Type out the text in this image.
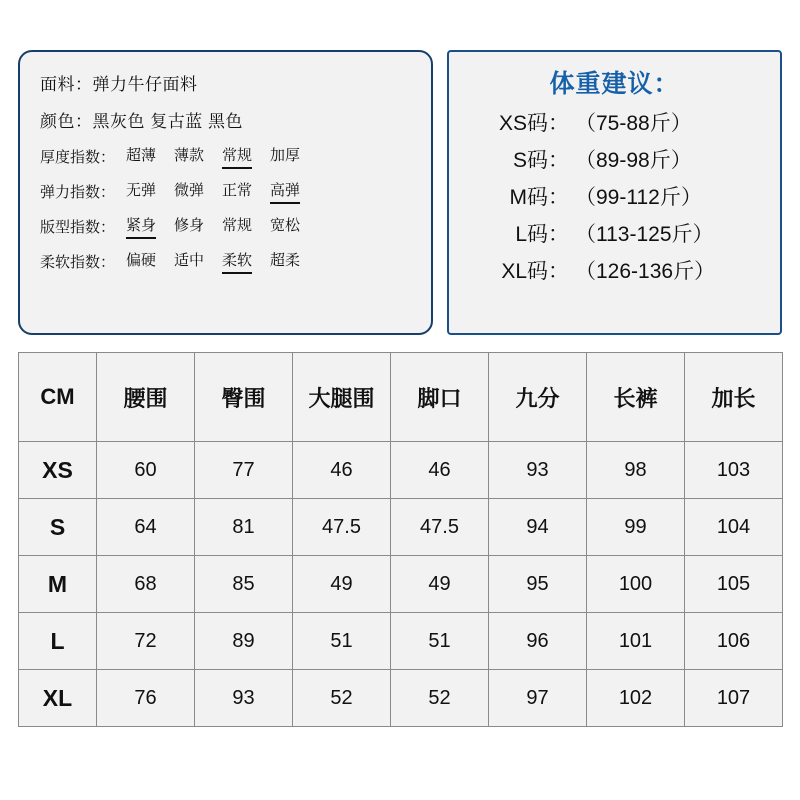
面料：弹力牛仔面料
颜色：黑灰色 复古蓝 黑色
厚度指数： 超薄 薄款 常规 加厚
弹力指数： 无弹 微弹 正常 高弹
版型指数： 紧身 修身 常规 宽松
柔软指数： 偏硬 适中 柔软 超柔
体重建议：
XS码： （75-88斤）
S码： （89-98斤）
M码： （99-112斤）
L码： （113-125斤）
XL码： （126-136斤）
CM	腰围	臀围	大腿围	脚口	九分	长裤	加长
XS	60	77	46	46	93	98	103
S	64	81	47.5	47.5	94	99	104
M	68	85	49	49	95	100	105
L	72	89	51	51	96	101	106
XL	76	93	52	52	97	102	107
